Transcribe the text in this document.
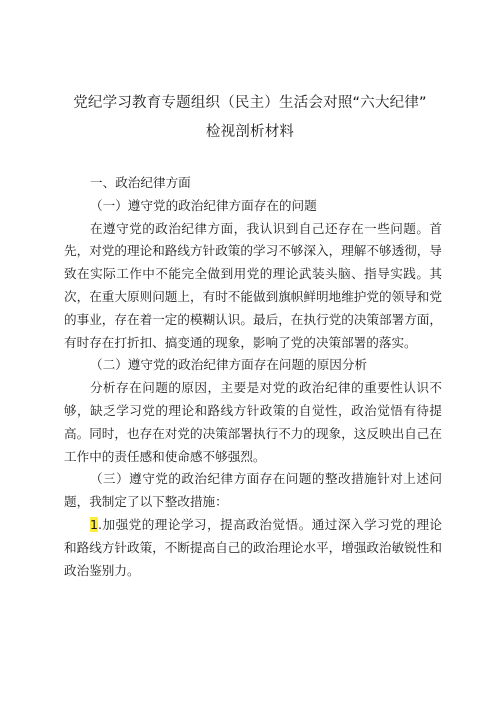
党纪学习教育专题组织（民主）生活会对照“六大纪律”
检视剖析材料

一、政治纪律方面

（一）遵守党的政治纪律方面存在的问题

在遵守党的政治纪律方面，我认识到自己还存在一些问题。首先，对党的理论和路线方针政策的学习不够深入，理解不够透彻，导致在实际工作中不能完全做到用党的理论武装头脑、指导实践。其次，在重大原则问题上，有时不能做到旗帜鲜明地维护党的领导和党的事业，存在着一定的模糊认识。最后，在执行党的决策部署方面，有时存在打折扣、搞变通的现象，影响了党的决策部署的落实。

（二）遵守党的政治纪律方面存在问题的原因分析

分析存在问题的原因，主要是对党的政治纪律的重要性认识不够，缺乏学习党的理论和路线方针政策的自觉性，政治觉悟有待提高。同时，也存在对党的决策部署执行不力的现象，这反映出自己在工作中的责任感和使命感不够强烈。

（三）遵守党的政治纪律方面存在问题的整改措施针对上述问题，我制定了以下整改措施：

1.加强党的理论学习，提高政治觉悟。通过深入学习党的理论和路线方针政策，不断提高自己的政治理论水平，增强政治敏锐性和政治鉴别力。
